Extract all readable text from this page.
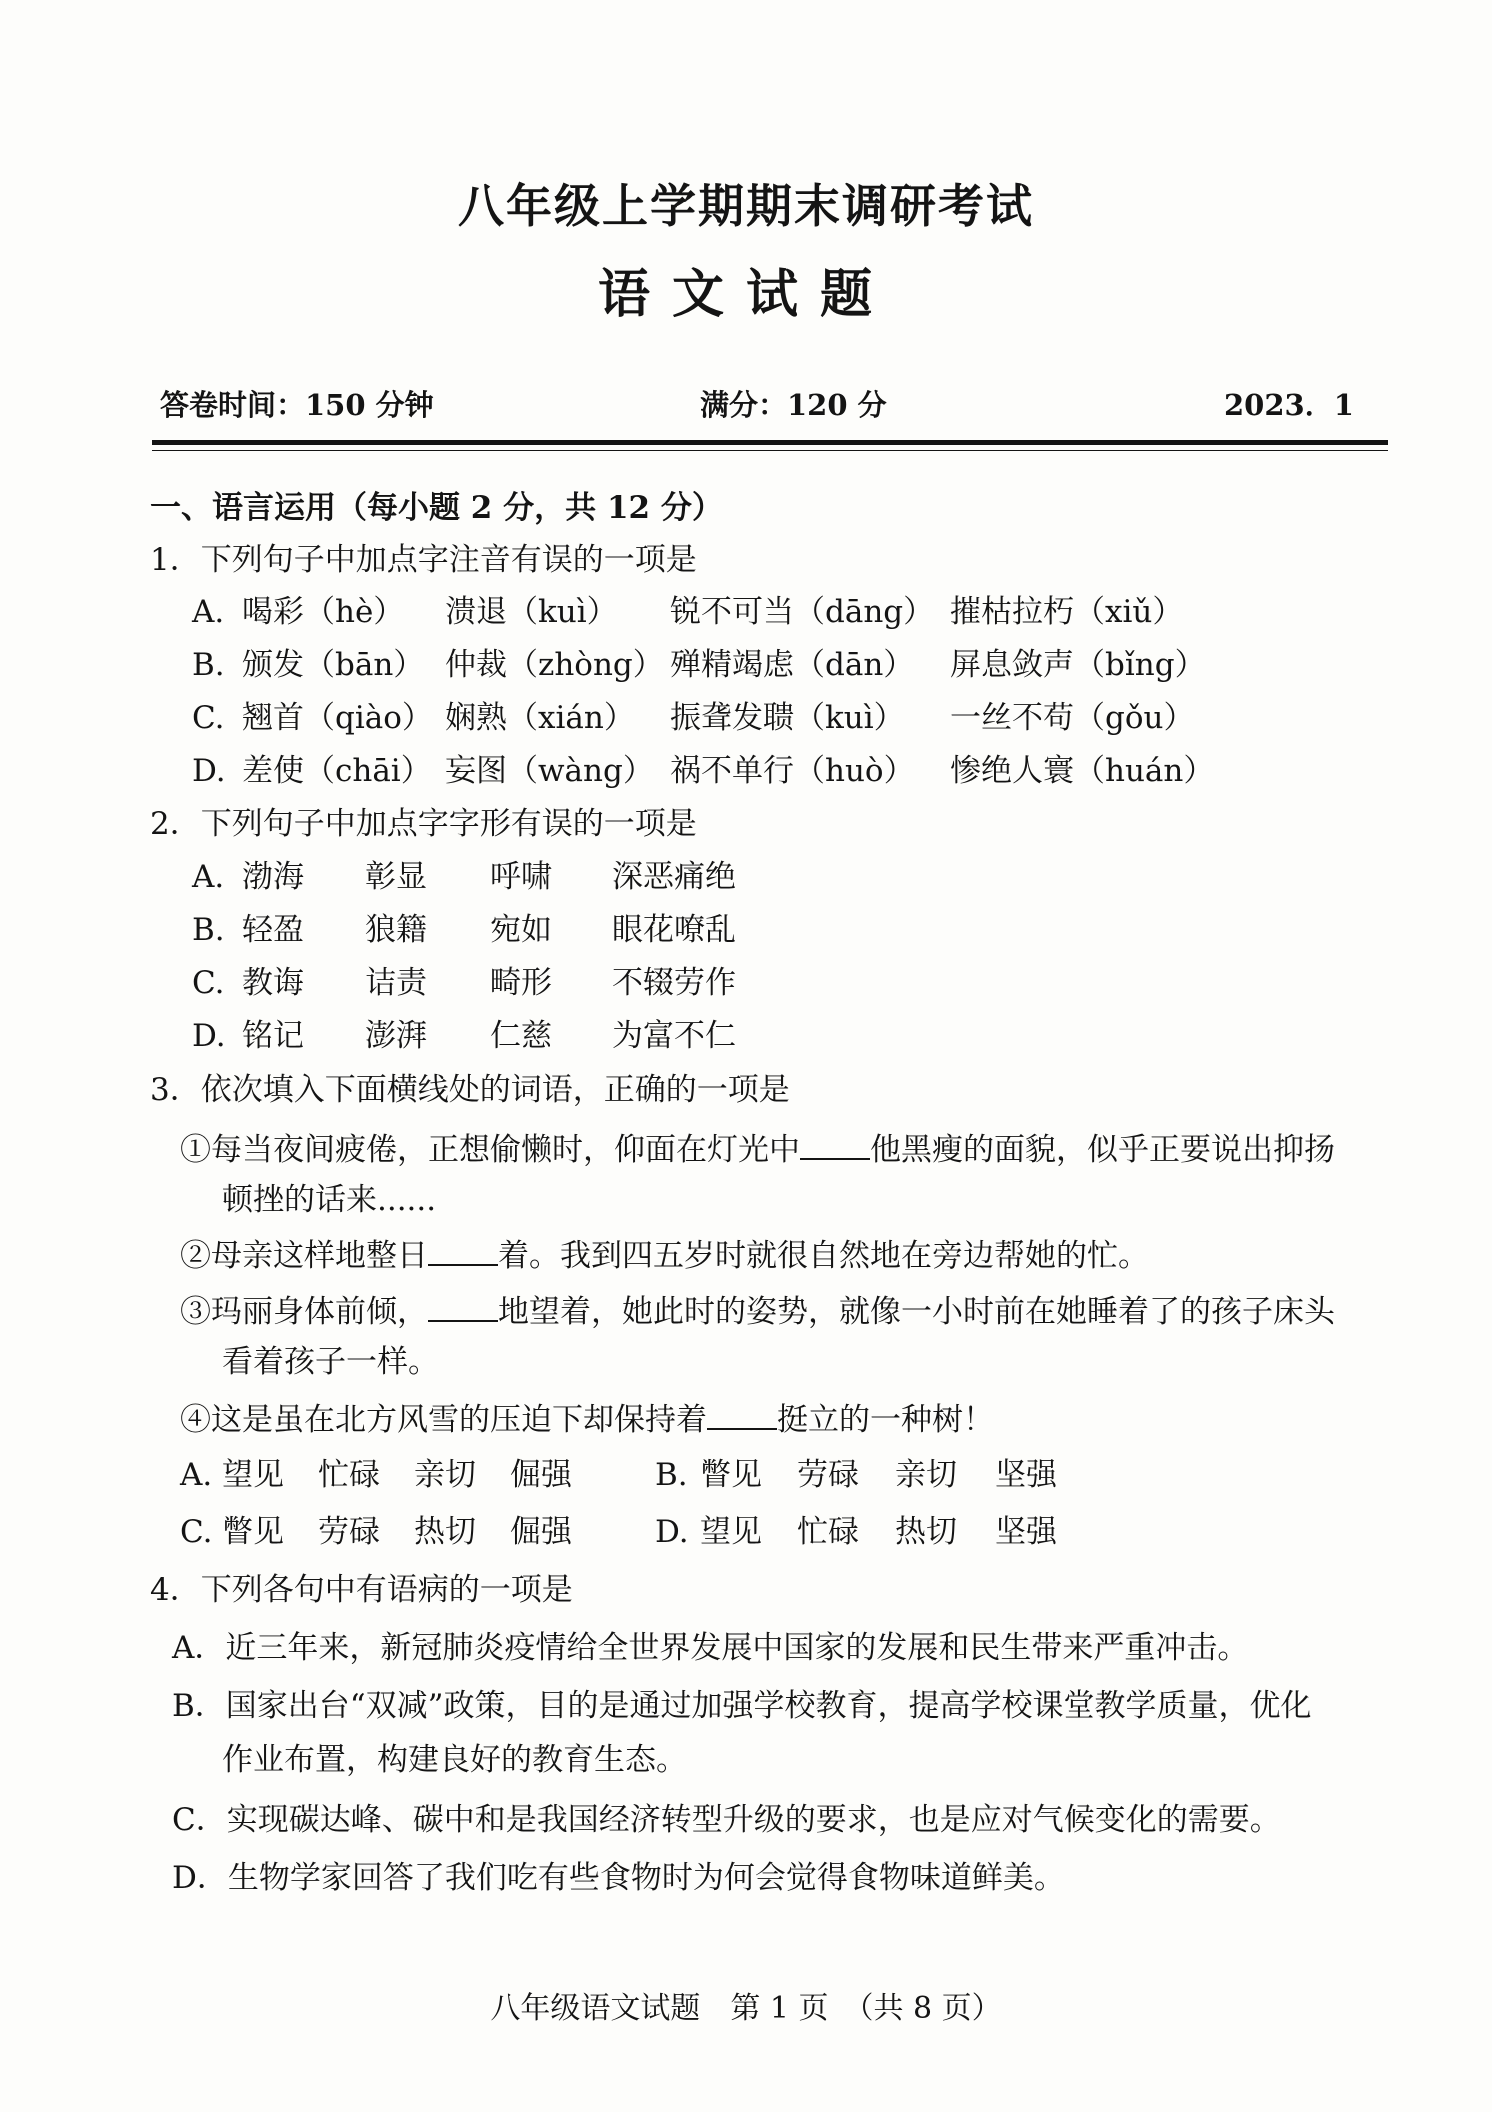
八年级上学期期末调研考试
语文试题
答卷时间：150 分钟	满分：120 分	2023．1
一、语言运用（每小题 2 分，共 12 分）
1．下列句子中加点字注音有误的一项是
A. 喝彩（hè） 溃退（kuì） 锐不可当（dāng） 摧枯拉朽（xiǔ）
B. 颁发（bān） 仲裁（zhòng） 殚精竭虑（dān） 屏息敛声（bǐng）
C. 翘首（qiào） 娴熟（xián） 振聋发聩（kuì） 一丝不苟（gǒu）
D. 差使（chāi） 妄图（wàng） 祸不单行（huò） 惨绝人寰（huán）
2．下列句子中加点字字形有误的一项是
A. 渤海 彰显 呼啸 深恶痛绝
B. 轻盈 狼籍 宛如 眼花嘹乱
C. 教诲 诘责 畸形 不辍劳作
D. 铭记 澎湃 仁慈 为富不仁
3．依次填入下面横线处的词语，正确的一项是
①每当夜间疲倦，正想偷懒时，仰面在灯光中 他黑瘦的面貌，似乎正要说出抑扬
顿挫的话来......
②母亲这样地整日 着。我到四五岁时就很自然地在旁边帮她的忙。
③玛丽身体前倾， 地望着，她此时的姿势，就像一小时前在她睡着了的孩子床头
看着孩子一样。
④这是虽在北方风雪的压迫下却保持着 挺立的一种树！
A. 望见 忙碌 亲切 倔强	B. 瞥见 劳碌 亲切 坚强
C. 瞥见 劳碌 热切 倔强	D. 望见 忙碌 热切 坚强
4．下列各句中有语病的一项是
A．近三年来，新冠肺炎疫情给全世界发展中国家的发展和民生带来严重冲击。
B．国家出台“双减”政策，目的是通过加强学校教育，提高学校课堂教学质量，优化
作业布置，构建良好的教育生态。
C．实现碳达峰、碳中和是我国经济转型升级的要求，也是应对气候变化的需要。
D．生物学家回答了我们吃有些食物时为何会觉得食物味道鲜美。
八年级语文试题　第 1 页　（共 8 页）
